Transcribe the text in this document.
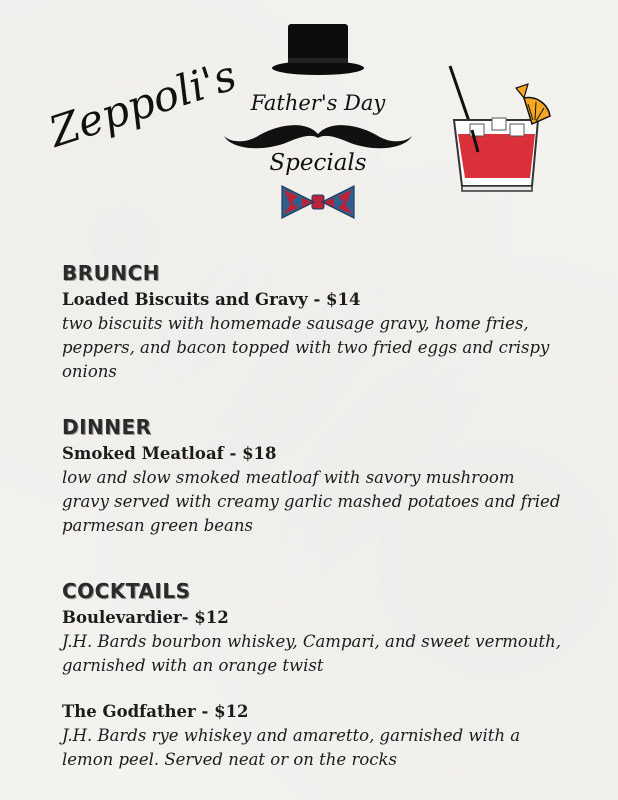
Zeppoli's Father's Day
Specials
BRUNCH

Loaded Biscuits and Gravy - $14

two biscuits with homemade sausage gravy, home fries, peppers, and bacon topped with two fried eggs and crispy onions

DINNER

Smoked Meatloaf - $18

low and slow smoked meatloaf with savory mushroom gravy served with creamy garlic mashed potatoes and fried parmesan green beans

COCKTAILS

Boulevardier- $12

J.H. Bards bourbon whiskey, Campari, and sweet vermouth, garnished with an orange twist

The Godfather - $12

J.H. Bards rye whiskey and amaretto, garnished with a lemon peel. Served neat or on the rocks
